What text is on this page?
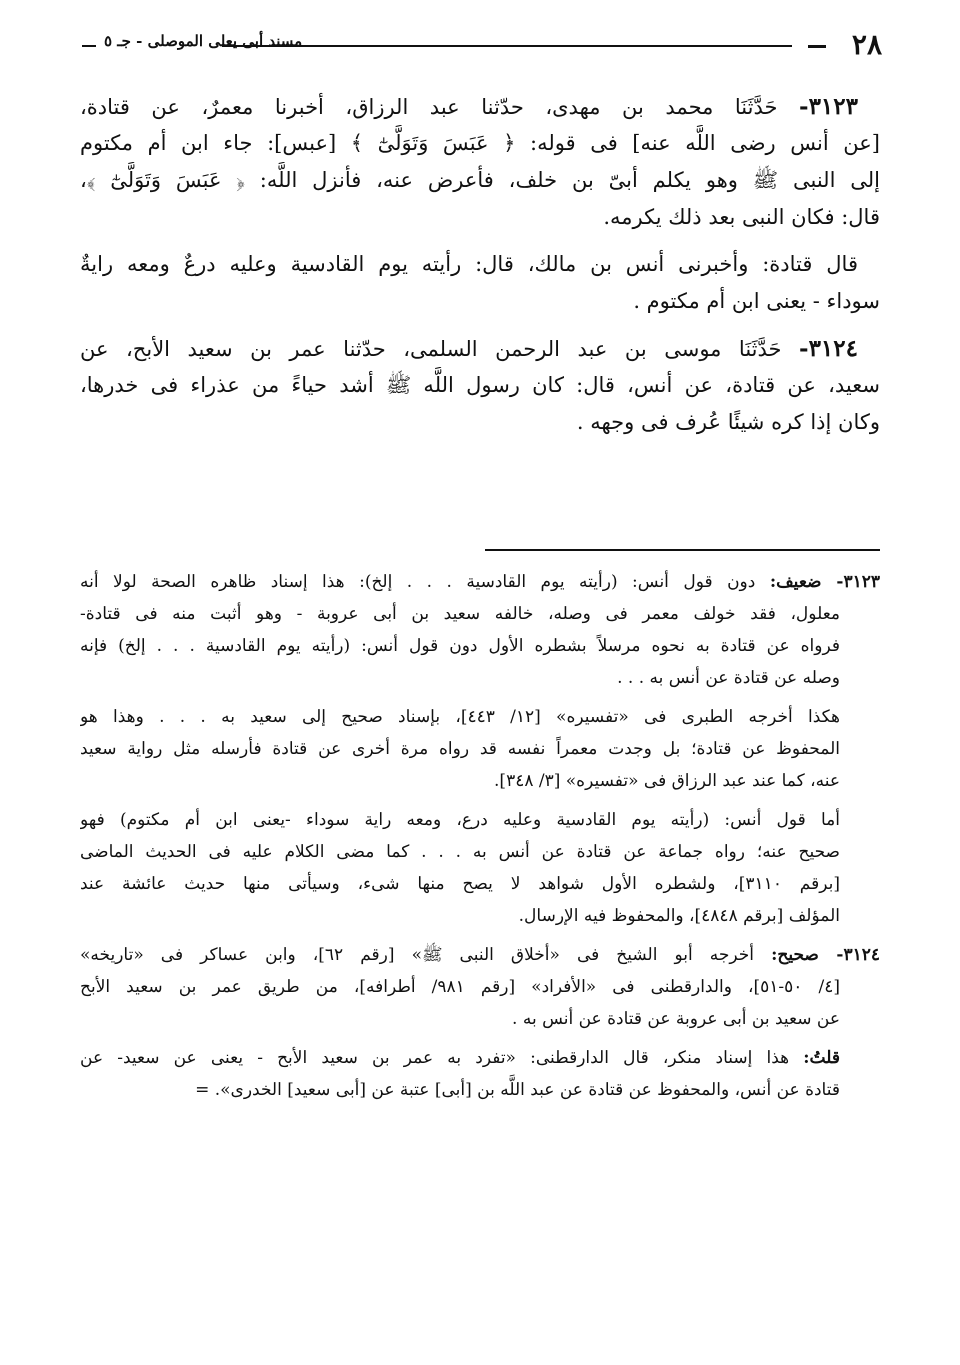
٢٨
مسند أبى يعلى الموصلى - جـ ٥
٣١٢٣- حَدَّثَنَا محمد بن مهدى، حدّثنا عبد الرزاق، أخبرنا معمرٌ، عن قتادة،
[عن أنس رضى اللَّه عنه] فى قوله: ﴿ عَبَسَ وَتَوَلَّىٰٓ ﴾ [عبس]: جاء ابن أم مكتوم
إلى النبى ﷺ وهو يكلم أبىّ بن خلف، فأعرض عنه، فأنزل اللَّه: ﴿ عَبَسَ وَتَوَلَّىٰٓ ﴾،
قال: فكان النبى بعد ذلك يكرمه.
قال قتادة: وأخبرنى أنس بن مالك، قال: رأيته يوم القادسية وعليه درعٌ ومعه رايةٌ
سوداء - يعنى ابن أم مكتوم .
٣١٢٤- حَدَّثَنَا موسى بن عبد الرحمن السلمى، حدّثنا عمر بن سعيد الأبح، عن
سعيد، عن قتادة، عن أنس، قال: كان رسول اللَّه ﷺ أشد حياءً من عذراء فى خدرها،
وكان إذا كره شيئًا عُرف فى وجهه .
٣١٢٣- ضعيف: دون قول أنس: (رأيته يوم القادسية . . . إلخ): هذا إسناد ظاهره الصحة لولا أنه
معلول، فقد خولف معمر فى وصله، خالفه سعيد بن أبى عروبة - وهو أثبت منه فى قتادة-
فرواه عن قتادة به نحوه مرسلاً بشطره الأول دون قول أنس: (رأيته يوم القادسية . . . إلخ) فإنه
وصله عن قتادة عن أنس به . . .
هكذا أخرجه الطبرى فى «تفسيره» [١٢/ ٤٤٣]، بإسناد صحيح إلى سعيد به . . . وهذا هو
المحفوظ عن قتادة؛ بل وجدت معمراً نفسه قد رواه مرة أخرى عن قتادة فأرسله مثل رواية سعيد
عنه، كما عند عبد الرزاق فى «تفسيره» [٣/ ٣٤٨].
أما قول أنس: (رأيته يوم القادسية وعليه درع، ومعه راية سوداء -يعنى ابن أم مكتوم) فهو
صحيح عنه؛ رواه جماعة عن قتادة عن أنس به . . . كما مضى الكلام عليه فى الحديث الماضى
[برقم ٣١١٠]، ولشطره الأول شواهد لا يصح منها شىء، وسيأتى منها حديث عائشة عند
المؤلف [برقم ٤٨٤٨]، والمحفوظ فيه الإرسال.
٣١٢٤- صحيح: أخرجه أبو الشيخ فى «أخلاق النبى ﷺ» [رقم ٦٢]، وابن عساكر فى «تاريخه»
[٤/ ٥٠-٥١]، والدارقطنى فى «الأفراد» [رقم ٩٨١/ أطرافه]، من طريق عمر بن سعيد الأبح
عن سعيد بن أبى عروبة عن قتادة عن أنس به .
قلتُ: هذا إسناد منكر، قال الدارقطنى: «تفرد به عمر بن سعيد الأبح - يعنى عن سعيد- عن
قتادة عن أنس، والمحفوظ عن قتادة عن عبد اللَّه بن [أبى] عتبة عن [أبى سعيد] الخدرى». =
